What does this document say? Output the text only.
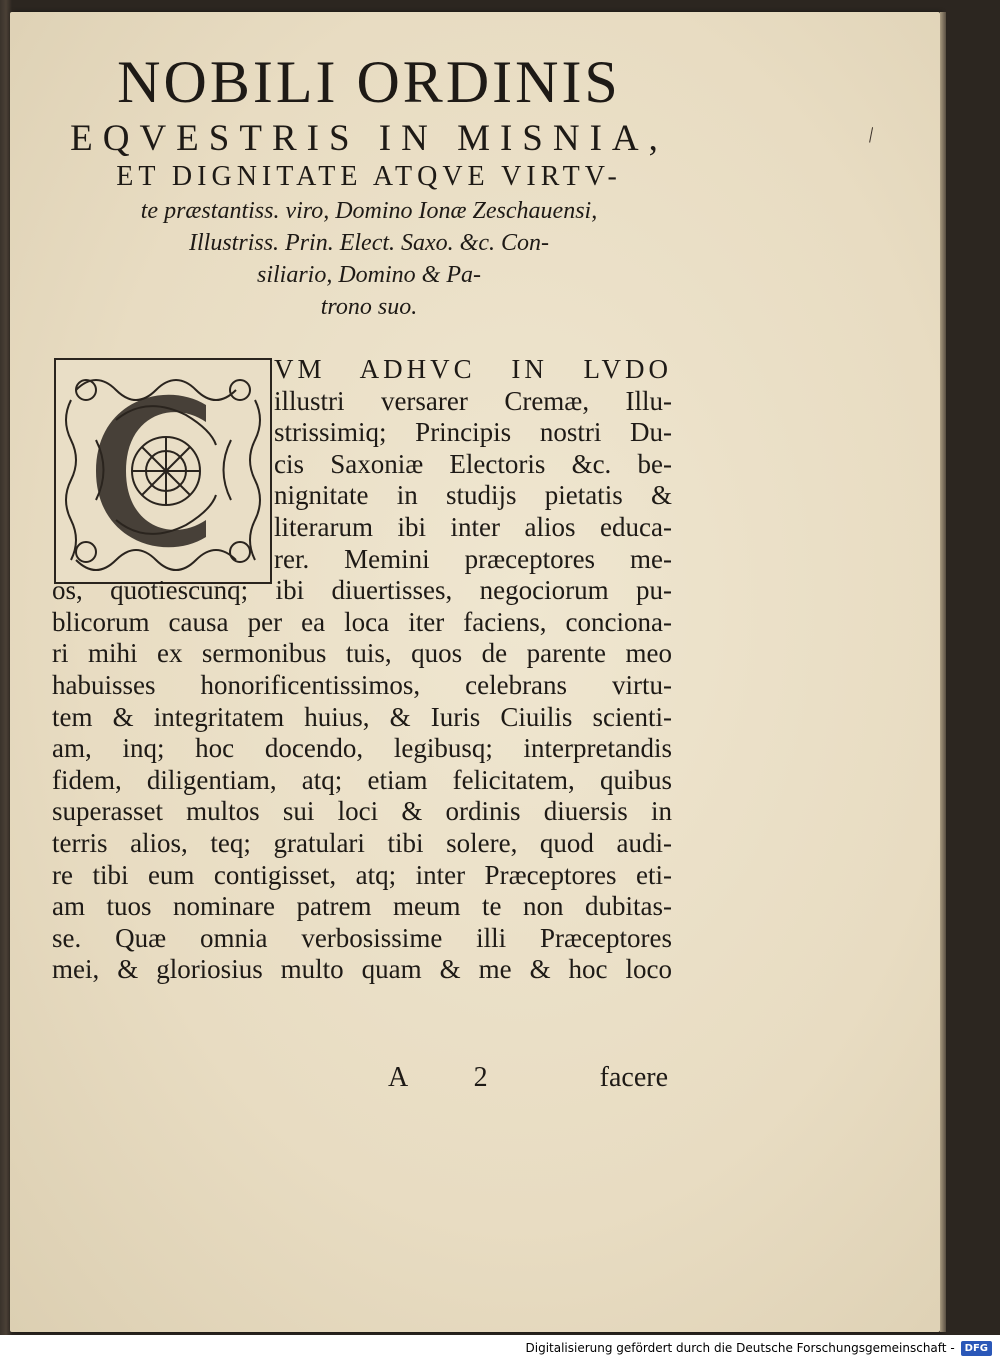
NOBILI ORDINIS
EQVESTRIS IN MISNIA,
ET DIGNITATE ATQVE VIRTV-
te præstantiss. viro, Domino Ionæ Zeschauensi,
Illustriss. Prin. Elect. Saxo. &c. Con-
siliario, Domino & Pa-
trono suo.
\
VM ADHVC IN LVDO
illustri versarer Cremæ, Illu-
strissimiq; Principis nostri Du-
cis Saxoniæ Electoris &c. be-
nignitate in studijs pietatis &
literarum ibi inter alios educa-
rer. Memini præceptores me-
os, quotiescunq; ibi diuertisses, negociorum pu-
blicorum causa per ea loca iter faciens, conciona-
ri mihi ex sermonibus tuis, quos de parente meo
habuisses honorificentissimos, celebrans virtu-
tem & integritatem huius, & Iuris Ciuilis scienti-
am, inq; hoc docendo, legibusq; interpretandis
fidem, diligentiam, atq; etiam felicitatem, quibus
superasset multos sui loci & ordinis diuersis in
terris alios, teq; gratulari tibi solere, quod audi-
re tibi eum contigisset, atq; inter Præceptores eti-
am tuos nominare patrem meum te non dubitas-
se. Quæ omnia verbosissime illi Præceptores
mei, & gloriosius multo quam & me & hoc loco
A 2	facere
Digitalisierung gefördert durch die Deutsche Forschungsgemeinschaft -	DFG
